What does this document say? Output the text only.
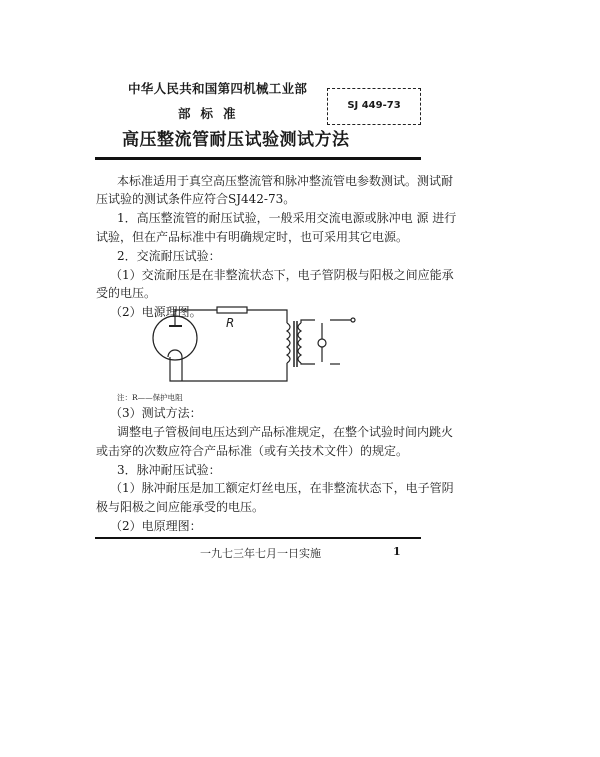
中华人民共和国第四机械工业部
部标准
高压整流管耐压试验测试方法
SJ 449-73
本标准适用于真空高压整流管和脉冲整流管电参数测试。测试耐
压试验的测试条件应符合SJ442-73。
1．高压整流管的耐压试验，一般采用交流电源或脉冲电 源 进行
试验，但在产品标准中有明确规定时，也可采用其它电源。
2．交流耐压试验：
（1）交流耐压是在非整流状态下，电子管阴极与阳极之间应能承
受的电压。
（2）电源理图。
R
注：R——保护电阻
（3）测试方法：
调整电子管极间电压达到产品标准规定，在整个试验时间内跳火
或击穿的次数应符合产品标准（或有关技术文件）的规定。
3．脉冲耐压试验：
（1）脉冲耐压是加工额定灯丝电压，在非整流状态下，电子管阴
极与阳极之间应能承受的电压。
（2）电原理图：
一九七三年七月一日实施	1
